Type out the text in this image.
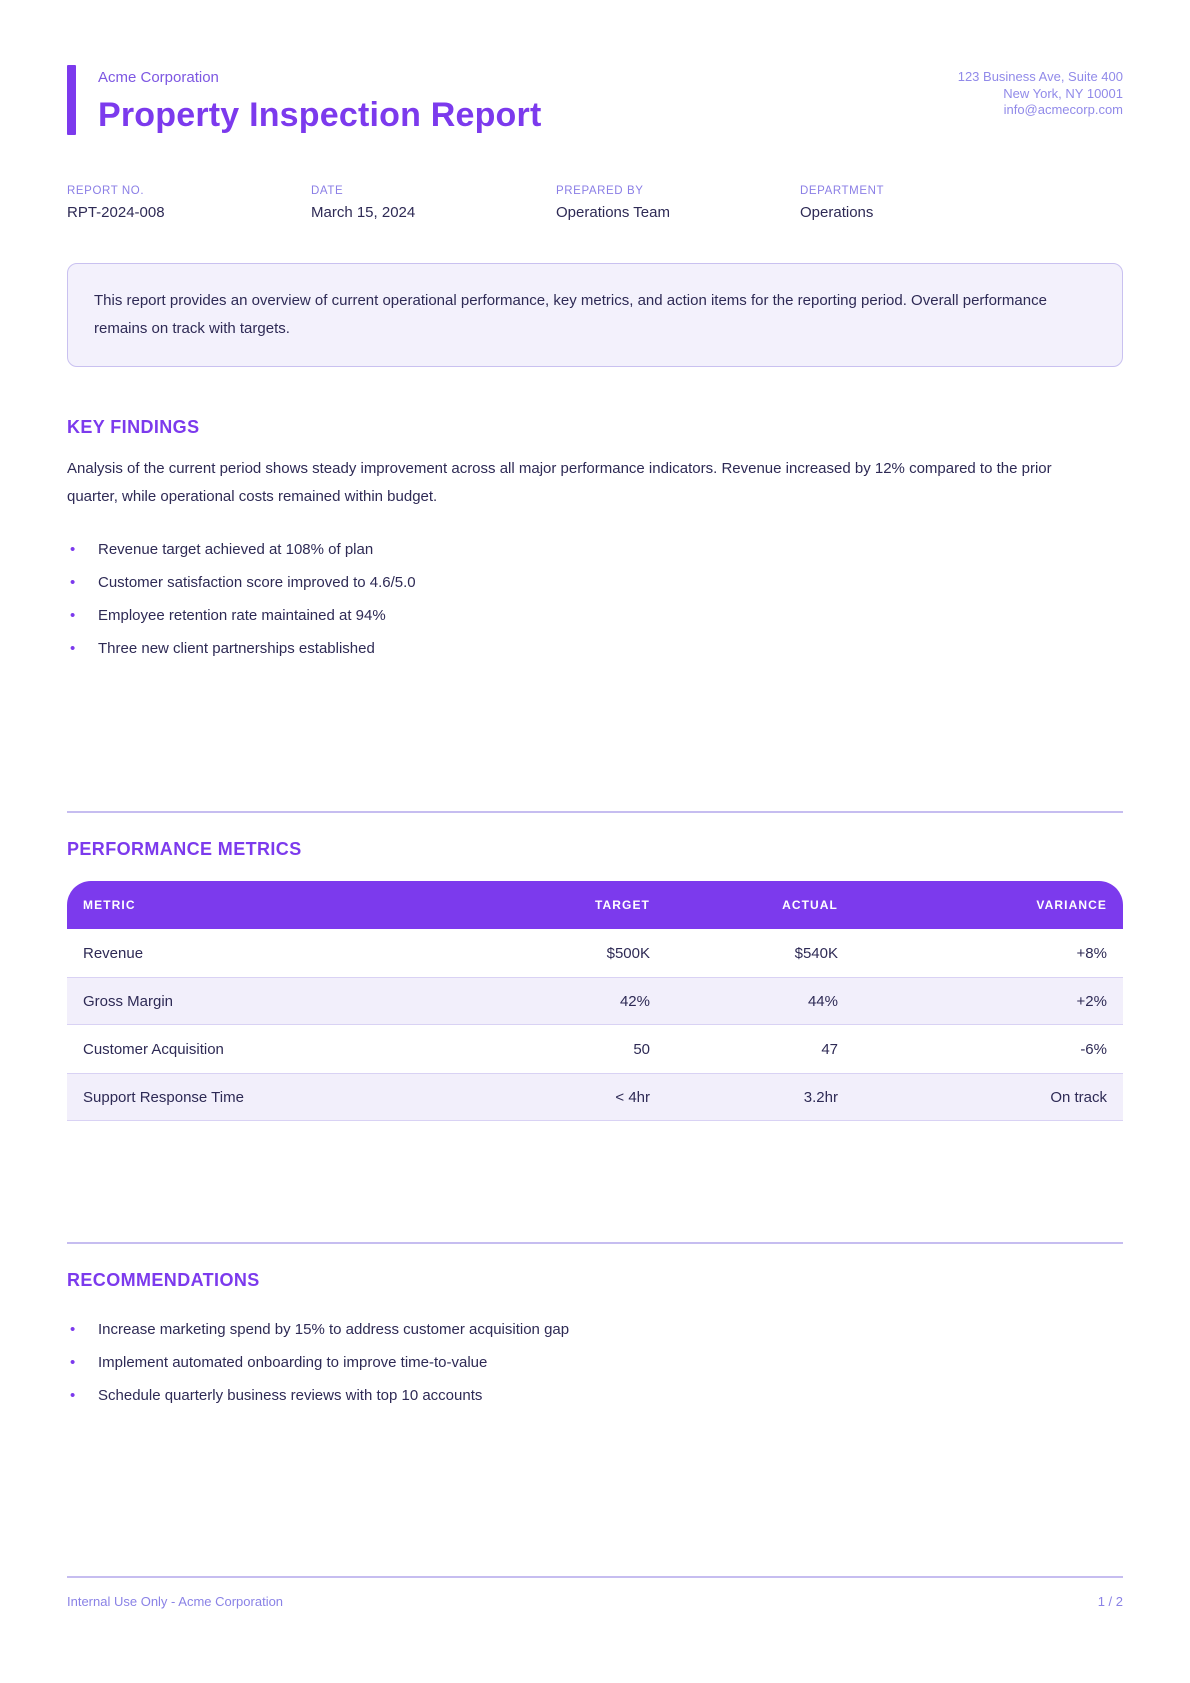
Acme Corporation
Property Inspection Report
123 Business Ave, Suite 400
New York, NY 10001
info@acmecorp.com
REPORT NO.
RPT-2024-008
DATE
March 15, 2024
PREPARED BY
Operations Team
DEPARTMENT
Operations
This report provides an overview of current operational performance, key metrics, and action items for the reporting period. Overall performance remains on track with targets.
KEY FINDINGS

Analysis of the current period shows steady improvement across all major performance indicators. Revenue increased by 12% compared to the prior quarter, while operational costs remained within budget.

• Revenue target achieved at 108% of plan
• Customer satisfaction score improved to 4.6/5.0
• Employee retention rate maintained at 94%
• Three new client partnerships established
PERFORMANCE METRICS
METRIC	TARGET	ACTUAL	VARIANCE
Revenue	$500K	$540K	+8%
Gross Margin	42%	44%	+2%
Customer Acquisition	50	47	-6%
Support Response Time	< 4hr	3.2hr	On track
RECOMMENDATIONS
• Increase marketing spend by 15% to address customer acquisition gap
• Implement automated onboarding to improve time-to-value
• Schedule quarterly business reviews with top 10 accounts
Internal Use Only - Acme Corporation	1 / 2
